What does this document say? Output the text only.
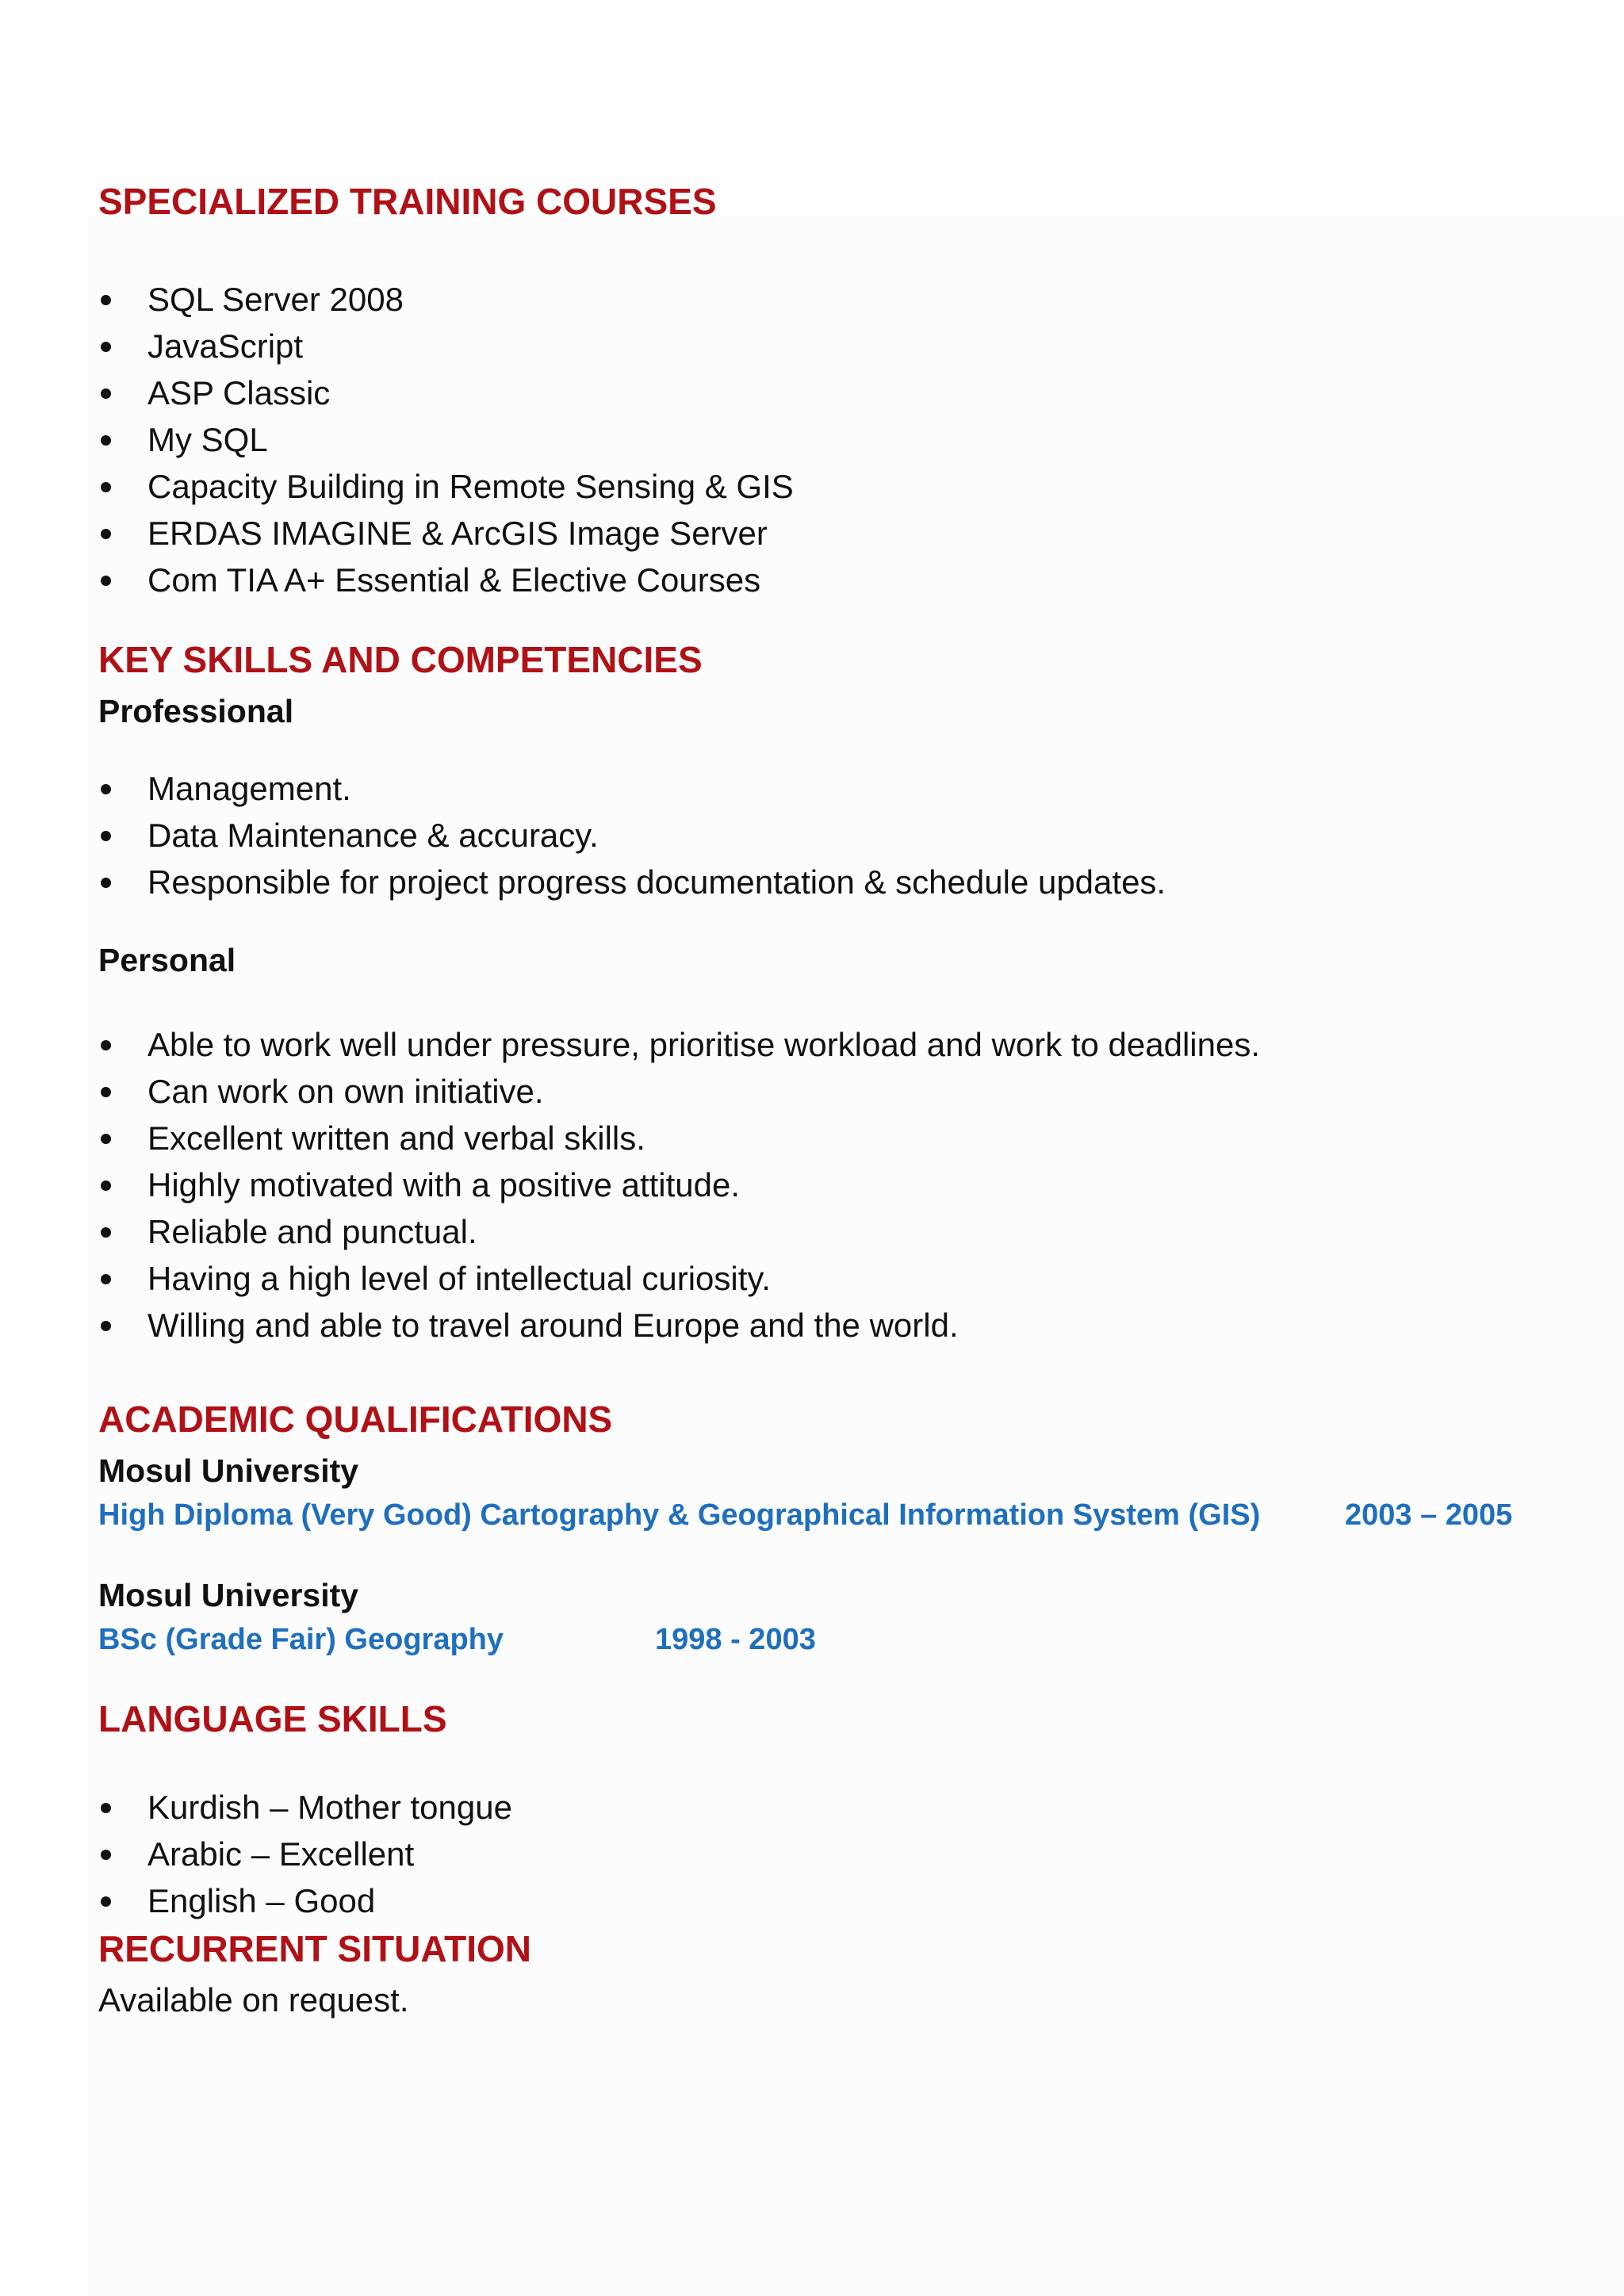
SPECIALIZED TRAINING COURSES
SQL Server 2008
JavaScript
ASP Classic
My SQL
Capacity Building in Remote Sensing & GIS
ERDAS IMAGINE & ArcGIS Image Server
Com TIA A+ Essential & Elective Courses
KEY SKILLS AND COMPETENCIES
Professional
Management.
Data Maintenance & accuracy.
Responsible for project progress documentation & schedule updates.
Personal
Able to work well under pressure, prioritise workload and work to deadlines.
Can work on own initiative.
Excellent written and verbal skills.
Highly motivated with a positive attitude.
Reliable and punctual.
Having a high level of intellectual curiosity.
Willing and able to travel around Europe and the world.
ACADEMIC QUALIFICATIONS
Mosul University
High Diploma (Very Good) Cartography & Geographical Information System (GIS)	2003 – 2005
Mosul University
BSc (Grade Fair) Geography	1998 - 2003
LANGUAGE SKILLS
Kurdish – Mother tongue
Arabic – Excellent
English – Good
RECURRENT SITUATION
Available on request.
